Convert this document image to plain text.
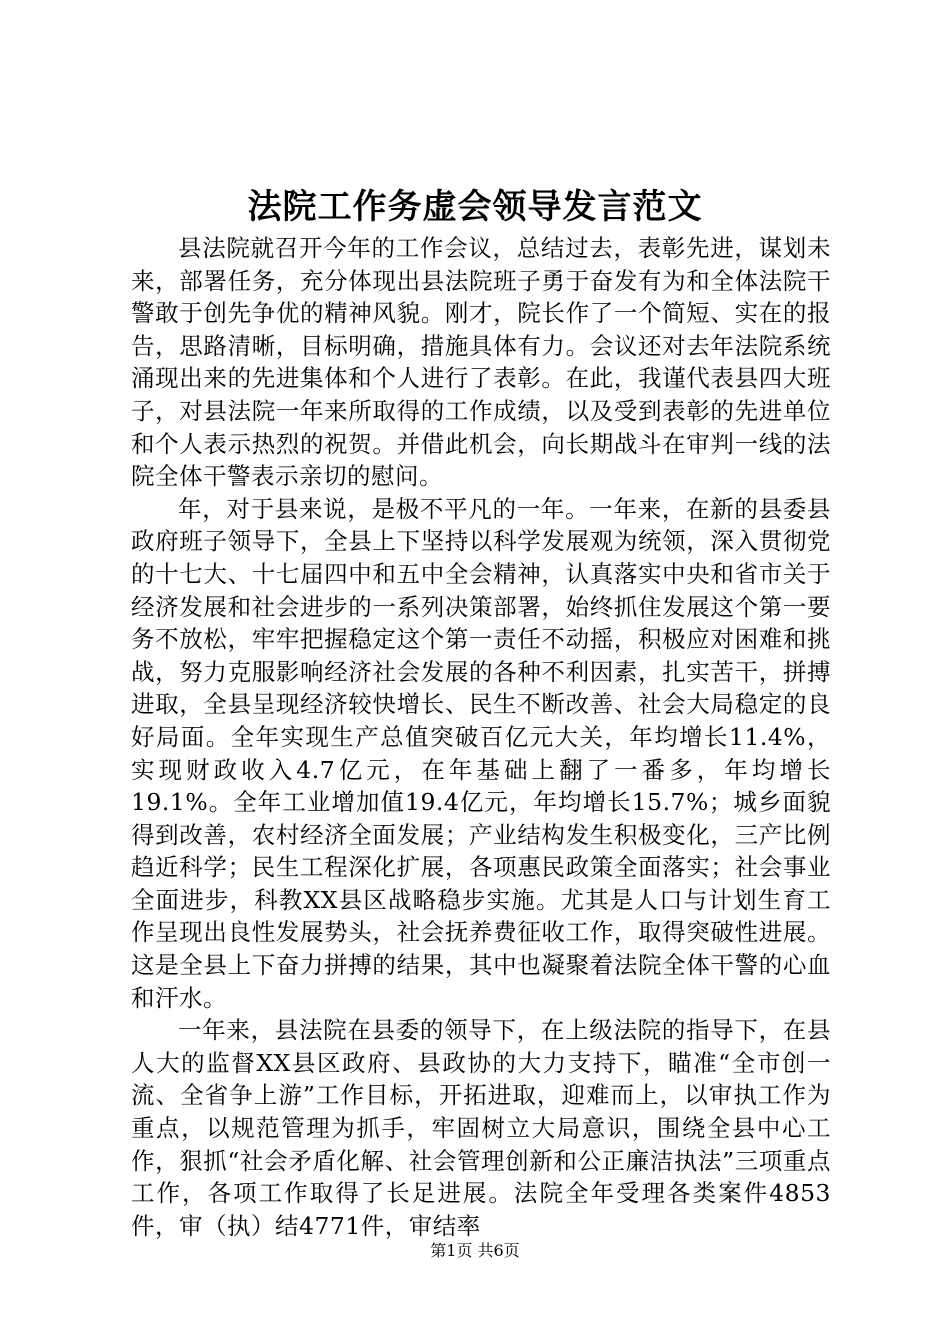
法院工作务虚会领导发言范文

县法院就召开今年的工作会议，总结过去，表彰先进，谋划未来，部署任务，充分体现出县法院班子勇于奋发有为和全体法院干警敢于创先争优的精神风貌。刚才，院长作了一个简短、实在的报告，思路清晰，目标明确，措施具体有力。会议还对去年法院系统涌现出来的先进集体和个人进行了表彰。在此，我谨代表县四大班子，对县法院一年来所取得的工作成绩，以及受到表彰的先进单位和个人表示热烈的祝贺。并借此机会，向长期战斗在审判一线的法院全体干警表示亲切的慰问。

年，对于县来说，是极不平凡的一年。一年来，在新的县委县政府班子领导下，全县上下坚持以科学发展观为统领，深入贯彻党的十七大、十七届四中和五中全会精神，认真落实中央和省市关于经济发展和社会进步的一系列决策部署，始终抓住发展这个第一要务不放松，牢牢把握稳定这个第一责任不动摇，积极应对困难和挑战，努力克服影响经济社会发展的各种不利因素，扎实苦干，拼搏进取，全县呈现经济较快增长、民生不断改善、社会大局稳定的良好局面。全年实现生产总值突破百亿元大关，年均增长11.4%，实现财政收入4.7亿元，在年基础上翻了一番多，年均增长19.1%。全年工业增加值19.4亿元，年均增长15.7%；城乡面貌得到改善，农村经济全面发展；产业结构发生积极变化，三产比例趋近科学；民生工程深化扩展，各项惠民政策全面落实；社会事业全面进步，科教XX县区战略稳步实施。尤其是人口与计划生育工作呈现出良性发展势头，社会抚养费征收工作，取得突破性进展。这是全县上下奋力拼搏的结果，其中也凝聚着法院全体干警的心血和汗水。

一年来，县法院在县委的领导下，在上级法院的指导下，在县人大的监督XX县区政府、县政协的大力支持下，瞄准“全市创一流、全省争上游”工作目标，开拓进取，迎难而上，以审执工作为重点，以规范管理为抓手，牢固树立大局意识，围绕全县中心工作，狠抓“社会矛盾化解、社会管理创新和公正廉洁执法”三项重点工作，各项工作取得了长足进展。法院全年受理各类案件4853件，审（执）结4771件，审结率

第1页 共6页
